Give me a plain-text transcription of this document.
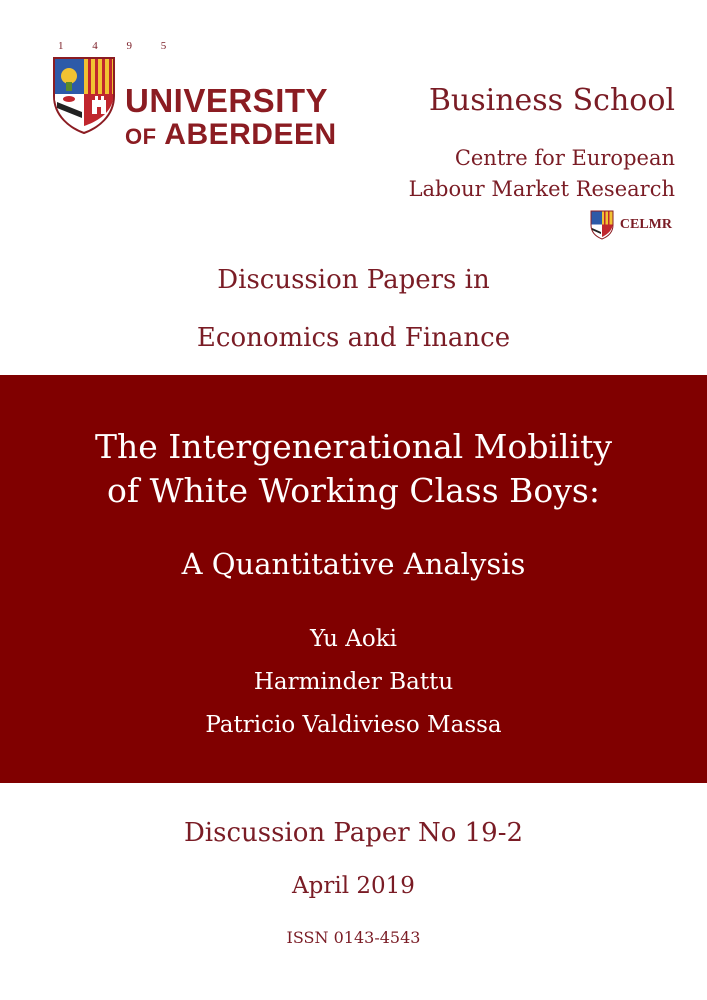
1 4 9 5
UNIVERSITY
OF ABERDEEN
Business School
Centre for European
Labour Market Research
CELMR
Discussion Papers in
Economics and Finance
The Intergenerational Mobility
of White Working Class Boys:
A Quantitative Analysis
Yu Aoki
Harminder Battu
Patricio Valdivieso Massa
Discussion Paper No 19-2
April 2019
ISSN 0143-4543
